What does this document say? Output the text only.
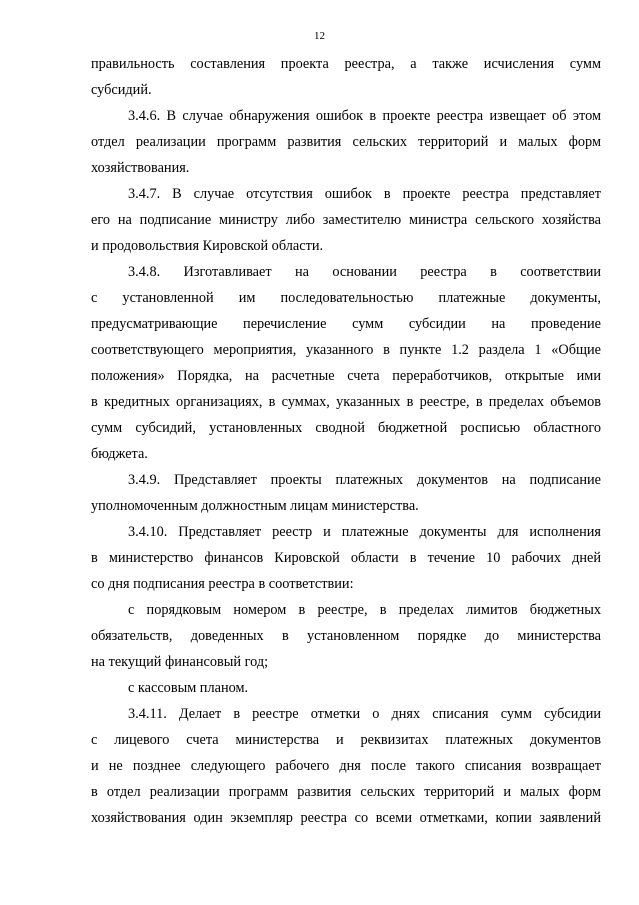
12
правильность составления проекта реестра, а также исчисления сумм
субсидий.
3.4.6. В случае обнаружения ошибок в проекте реестра извещает об этом
отдел реализации программ развития сельских территорий и малых форм
хозяйствования.
3.4.7. В случае отсутствия ошибок в проекте реестра представляет
его на подписание министру либо заместителю министра сельского хозяйства
и продовольствия Кировской области.
3.4.8. Изготавливает на основании реестра в соответствии
с установленной им последовательностью платежные документы,
предусматривающие перечисление сумм субсидии на проведение
соответствующего мероприятия, указанного в пункте 1.2 раздела 1 «Общие
положения» Порядка, на расчетные счета переработчиков, открытые ими
в кредитных организациях, в суммах, указанных в реестре, в пределах объемов
сумм субсидий, установленных сводной бюджетной росписью областного
бюджета.
3.4.9. Представляет проекты платежных документов на подписание
уполномоченным должностным лицам министерства.
3.4.10. Представляет реестр и платежные документы для исполнения
в министерство финансов Кировской области в течение 10 рабочих дней
со дня подписания реестра в соответствии:
с порядковым номером в реестре, в пределах лимитов бюджетных
обязательств, доведенных в установленном порядке до министерства
на текущий финансовый год;
с кассовым планом.
3.4.11. Делает в реестре отметки о днях списания сумм субсидии
с лицевого счета министерства и реквизитах платежных документов
и не позднее следующего рабочего дня после такого списания возвращает
в отдел реализации программ развития сельских территорий и малых форм
хозяйствования один экземпляр реестра со всеми отметками, копии заявлений
